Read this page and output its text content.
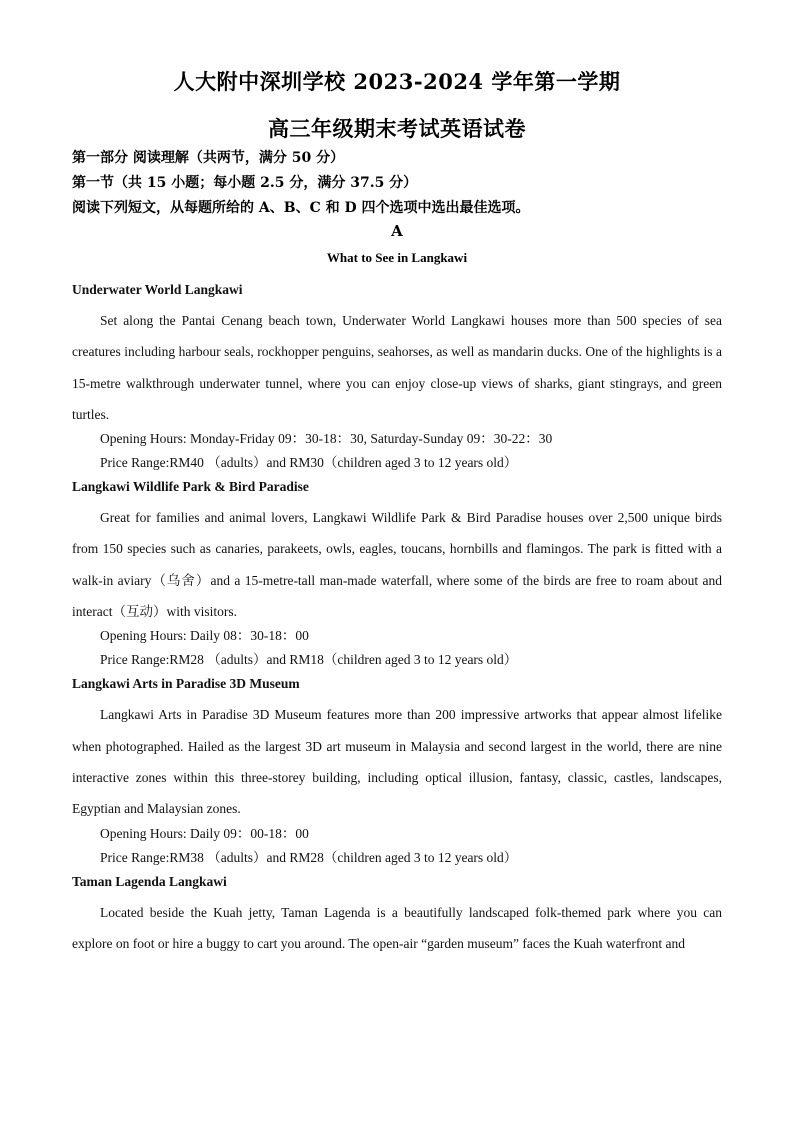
人大附中深圳学校 2023-2024 学年第一学期
高三年级期末考试英语试卷
第一部分 阅读理解（共两节，满分 50 分）
第一节（共 15 小题；每小题 2.5 分，满分 37.5 分）
阅读下列短文，从每题所给的 A、B、C 和 D 四个选项中选出最佳选项。
A
What to See in Langkawi
Underwater World Langkawi

Set along the Pantai Cenang beach town, Underwater World Langkawi houses more than 500 species of sea creatures including harbour seals, rockhopper penguins, seahorses, as well as mandarin ducks. One of the highlights is a 15-metre walkthrough underwater tunnel, where you can enjoy close-up views of sharks, giant stingrays, and green turtles.

Opening Hours: Monday-Friday 09：30-18：30, Saturday-Sunday 09：30-22：30
Price Range:RM40 （adults）and RM30（children aged 3 to 12 years old）
Langkawi Wildlife Park & Bird Paradise

Great for families and animal lovers, Langkawi Wildlife Park & Bird Paradise houses over 2,500 unique birds from 150 species such as canaries, parakeets, owls, eagles, toucans, hornbills and flamingos. The park is fitted with a walk-in aviary（乌舍）and a 15-metre-tall man-made waterfall, where some of the birds are free to roam about and interact（互动）with visitors.

Opening Hours: Daily 08：30-18：00
Price Range:RM28 （adults）and RM18（children aged 3 to 12 years old）
Langkawi Arts in Paradise 3D Museum

Langkawi Arts in Paradise 3D Museum features more than 200 impressive artworks that appear almost lifelike when photographed. Hailed as the largest 3D art museum in Malaysia and second largest in the world, there are nine interactive zones within this three-storey building, including optical illusion, fantasy, classic, castles, landscapes, Egyptian and Malaysian zones.

Opening Hours: Daily 09：00-18：00
Price Range:RM38 （adults）and RM28（children aged 3 to 12 years old）
Taman Lagenda Langkawi

Located beside the Kuah jetty, Taman Lagenda is a beautifully landscaped folk-themed park where you can explore on foot or hire a buggy to cart you around. The open-air “garden museum” faces the Kuah waterfront and
